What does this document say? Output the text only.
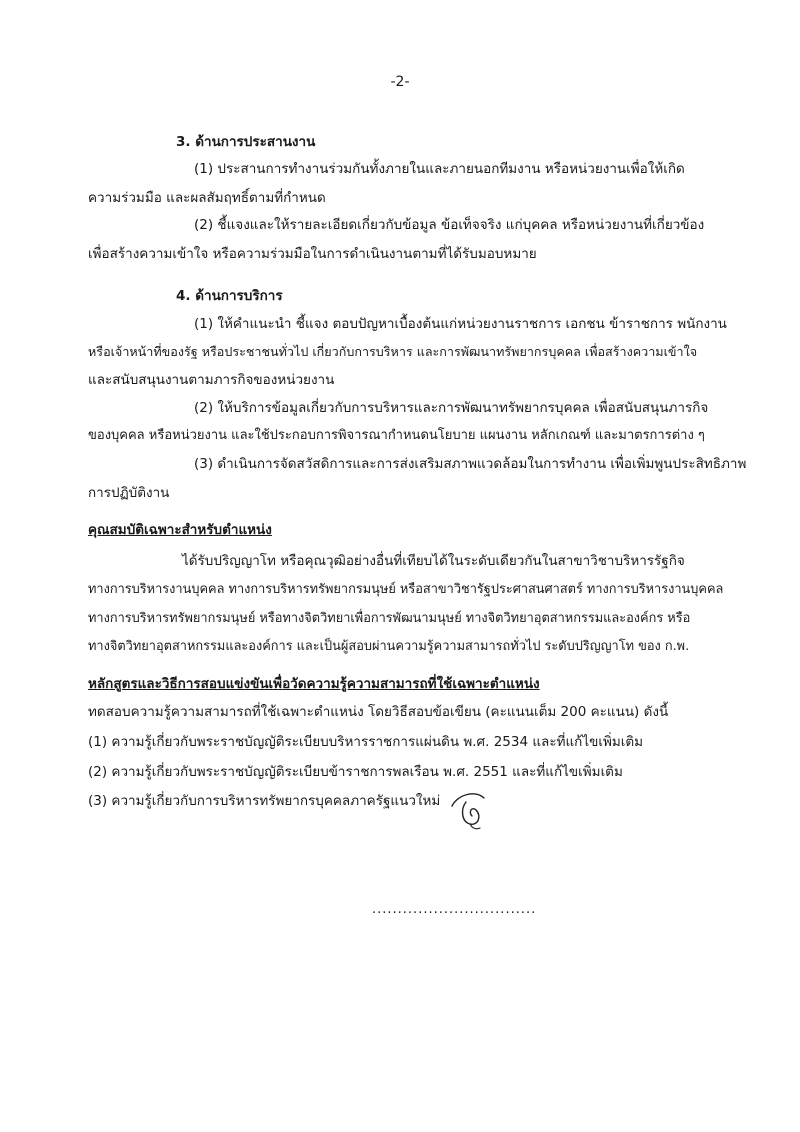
-2-
3. ด้านการประสานงาน
(1) ประสานการทำงานร่วมกันทั้งภายในและภายนอกทีมงาน หรือหน่วยงานเพื่อให้เกิด
ความร่วมมือ และผลสัมฤทธิ์ตามที่กำหนด
(2) ชี้แจงและให้รายละเอียดเกี่ยวกับข้อมูล ข้อเท็จจริง แก่บุคคล หรือหน่วยงานที่เกี่ยวข้อง
เพื่อสร้างความเข้าใจ หรือความร่วมมือในการดำเนินงานตามที่ได้รับมอบหมาย
4. ด้านการบริการ
(1) ให้คำแนะนำ ชี้แจง ตอบปัญหาเบื้องต้นแก่หน่วยงานราชการ เอกชน ข้าราชการ พนักงาน
หรือเจ้าหน้าที่ของรัฐ หรือประชาชนทั่วไป เกี่ยวกับการบริหาร และการพัฒนาทรัพยากรบุคคล เพื่อสร้างความเข้าใจ
และสนับสนุนงานตามภารกิจของหน่วยงาน
(2) ให้บริการข้อมูลเกี่ยวกับการบริหารและการพัฒนาทรัพยากรบุคคล เพื่อสนับสนุนภารกิจ
ของบุคคล หรือหน่วยงาน และใช้ประกอบการพิจารณากำหนดนโยบาย แผนงาน หลักเกณฑ์ และมาตรการต่าง ๆ
(3) ดำเนินการจัดสวัสดิการและการส่งเสริมสภาพแวดล้อมในการทำงาน เพื่อเพิ่มพูนประสิทธิภาพ
การปฏิบัติงาน
คุณสมบัติเฉพาะสำหรับตำแหน่ง
ได้รับปริญญาโท หรือคุณวุฒิอย่างอื่นที่เทียบได้ในระดับเดียวกันในสาขาวิชาบริหารรัฐกิจ
ทางการบริหารงานบุคคล ทางการบริหารทรัพยากรมนุษย์ หรือสาขาวิชารัฐประศาสนศาสตร์ ทางการบริหารงานบุคคล
ทางการบริหารทรัพยากรมนุษย์ หรือทางจิตวิทยาเพื่อการพัฒนามนุษย์ ทางจิตวิทยาอุตสาหกรรมและองค์กร หรือ
ทางจิตวิทยาอุตสาหกรรมและองค์การ และเป็นผู้สอบผ่านความรู้ความสามารถทั่วไป ระดับปริญญาโท ของ ก.พ.
หลักสูตรและวิธีการสอบแข่งขันเพื่อวัดความรู้ความสามารถที่ใช้เฉพาะตำแหน่ง
ทดสอบความรู้ความสามารถที่ใช้เฉพาะตำแหน่ง โดยวิธีสอบข้อเขียน (คะแนนเต็ม 200 คะแนน) ดังนี้
(1) ความรู้เกี่ยวกับพระราชบัญญัติระเบียบบริหารราชการแผ่นดิน พ.ศ. 2534 และที่แก้ไขเพิ่มเติม
(2) ความรู้เกี่ยวกับพระราชบัญญัติระเบียบข้าราชการพลเรือน พ.ศ. 2551 และที่แก้ไขเพิ่มเติม
(3) ความรู้เกี่ยวกับการบริหารทรัพยากรบุคคลภาครัฐแนวใหม่
................................
